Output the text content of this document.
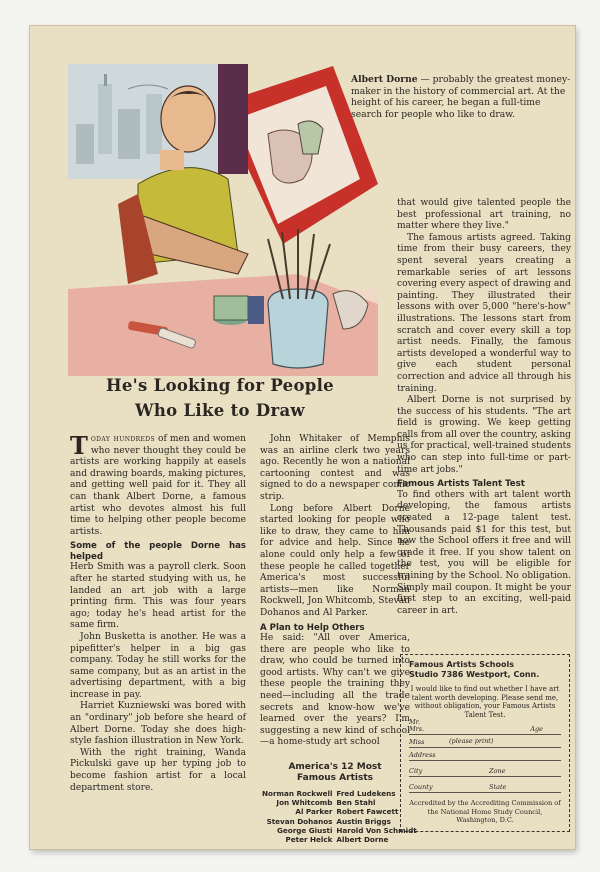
Albert Dorne — probably the greatest money-maker in the history of commercial art. At the height of his career, he began a full-time search for people who like to draw.
He's Looking for People
Who Like to Draw

Today hundreds of men and women who never thought they could be artists are working happily at easels and drawing boards, making pictures, and getting well paid for it. They all can thank Albert Dorne, a famous artist who devotes almost his full time to helping other people become artists.

Some of the people Dorne has helped

Herb Smith was a payroll clerk. Soon after he started studying with us, he landed an art job with a large printing firm. This was four years ago; today he's head artist for the same firm.

John Busketta is another. He was a pipefitter's helper in a big gas company. Today he still works for the same company, but as an artist in the advertising department, with a big increase in pay.

Harriet Kuzniewski was bored with an "ordinary" job before she heard of Albert Dorne. Today she does high-style fashion illustration in New York.

With the right training, Wanda Pickulski gave up her typing job to become fashion artist for a local department store.

John Whitaker of Memphis was an airline clerk two years ago. Recently he won a national cartooning contest and was signed to do a newspaper comic strip.

Long before Albert Dorne started looking for people who like to draw, they came to him for advice and help. Since he alone could only help a few of these people he called together America's most successful artists—men like Norman Rockwell, Jon Whitcomb, Stevan Dohanos and Al Parker.

A Plan to Help Others

He said: "All over America, there are people who like to draw, who could be turned into good artists. Why can't we give these people the training they need—including all the trade secrets and know-how we've learned over the years? I'm suggesting a new kind of school—a home-study art school

America's 12 Most
Famous Artists
Norman Rockwell	Fred Ludekens
Jon Whitcomb	Ben Stahl
Al Parker	Robert Fawcett
Stevan Dohanos	Austin Briggs
George Giusti	Harold Von Schmidt
Peter Helck	Albert Dorne

that would give talented people the best professional art training, no matter where they live."

The famous artists agreed. Taking time from their busy careers, they spent several years creating a remarkable series of art lessons covering every aspect of drawing and painting. They illustrated their lessons with over 5,000 "here's-how" illustrations. The lessons start from scratch and cover every skill a top artist needs. Finally, the famous artists developed a wonderful way to give each student personal correction and advice all through his training.

Albert Dorne is not surprised by the success of his students. "The art field is growing. We keep getting calls from all over the country, asking us for practical, well-trained students who can step into full-time or part-time art jobs."

Famous Artists Talent Test

To find others with art talent worth developing, the famous artists created a 12-page talent test. Thousands paid $1 for this test, but now the School offers it free and will grade it free. If you show talent on the test, you will be eligible for training by the School. No obligation. Simply mail coupon. It might be your first step to an exciting, well-paid career in art.

Famous Artists Schools
Studio 7386 Westport, Conn.
I would like to find out whether I have art talent worth developing. Please send me, without obligation, your Famous Artists Talent Test.
Mr.
Mrs.	Age
Miss	(please print)
Address
City	Zone
County	State
Accredited by the Accrediting Commission of the National Home Study Council, Washington, D.C.
